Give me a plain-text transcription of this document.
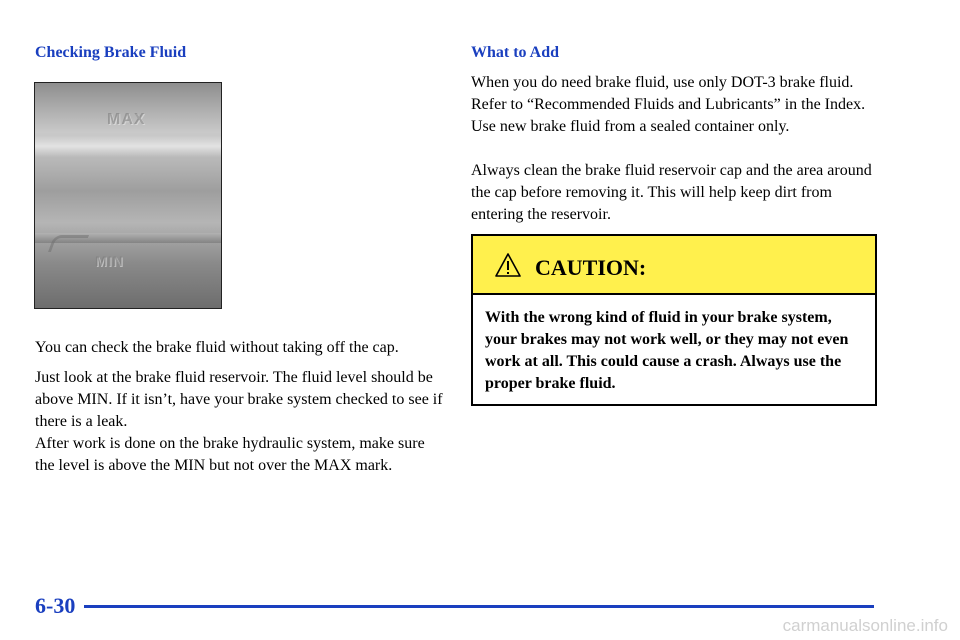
Checking Brake Fluid
MAX
MIN

You can check the brake fluid without taking off the cap.

Just look at the brake fluid reservoir. The fluid level should be above MIN. If it isn’t, have your brake system checked to see if there is a leak.

After work is done on the brake hydraulic system, make sure the level is above the MIN but not over the MAX mark.

What to Add

When you do need brake fluid, use only DOT-3 brake fluid. Refer to “Recommended Fluids and Lubricants” in the Index. Use new brake fluid from a sealed container only.

Always clean the brake fluid reservoir cap and the area around the cap before removing it. This will help keep dirt from entering the reservoir.

CAUTION:

With the wrong kind of fluid in your brake system, your brakes may not work well, or they may not even work at all. This could cause a crash. Always use the proper brake fluid.

6-30
carmanualsonline.info
